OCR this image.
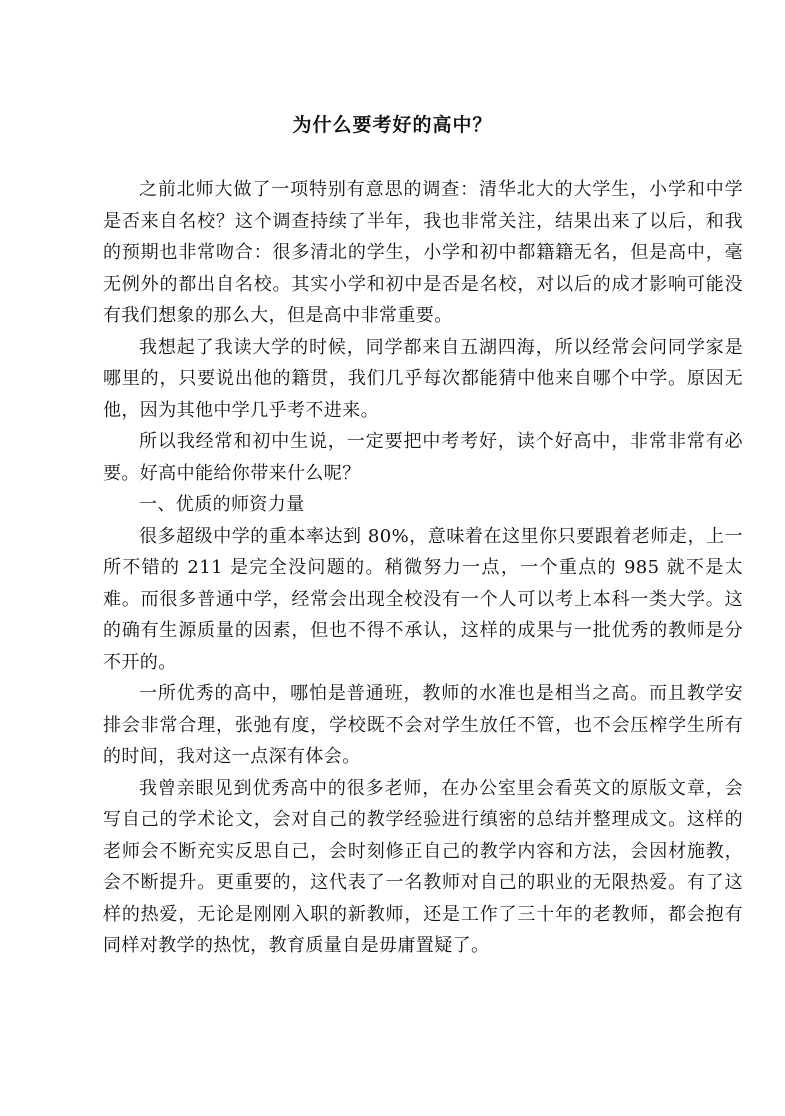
为什么要考好的高中？

之前北师大做了一项特别有意思的调查：清华北大的大学生，小学和中学是否来自名校？这个调查持续了半年，我也非常关注，结果出来了以后，和我的预期也非常吻合：很多清北的学生，小学和初中都籍籍无名，但是高中，毫无例外的都出自名校。其实小学和初中是否是名校，对以后的成才影响可能没有我们想象的那么大，但是高中非常重要。

我想起了我读大学的时候，同学都来自五湖四海，所以经常会问同学家是哪里的，只要说出他的籍贯，我们几乎每次都能猜中他来自哪个中学。原因无他，因为其他中学几乎考不进来。

所以我经常和初中生说，一定要把中考考好，读个好高中，非常非常有必要。好高中能给你带来什么呢？

一、优质的师资力量

很多超级中学的重本率达到 80%，意味着在这里你只要跟着老师走，上一所不错的 211 是完全没问题的。稍微努力一点，一个重点的 985 就不是太难。而很多普通中学，经常会出现全校没有一个人可以考上本科一类大学。这的确有生源质量的因素，但也不得不承认，这样的成果与一批优秀的教师是分不开的。

一所优秀的高中，哪怕是普通班，教师的水准也是相当之高。而且教学安排会非常合理，张弛有度，学校既不会对学生放任不管，也不会压榨学生所有的时间，我对这一点深有体会。

我曾亲眼见到优秀高中的很多老师，在办公室里会看英文的原版文章，会写自己的学术论文，会对自己的教学经验进行缜密的总结并整理成文。这样的老师会不断充实反思自己，会时刻修正自己的教学内容和方法，会因材施教，会不断提升。更重要的，这代表了一名教师对自己的职业的无限热爱。有了这样的热爱，无论是刚刚入职的新教师，还是工作了三十年的老教师，都会抱有同样对教学的热忱，教育质量自是毋庸置疑了。
